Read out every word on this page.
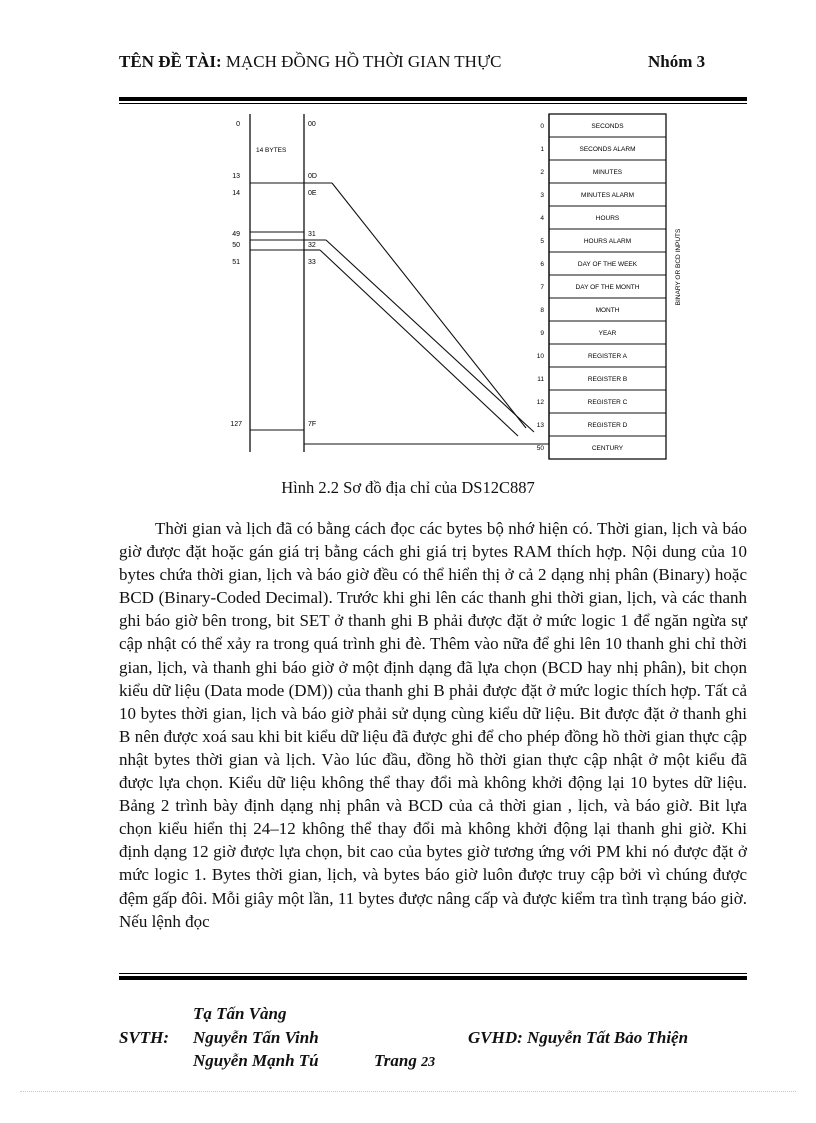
TÊN ĐỀ TÀI: MẠCH ĐỒNG HỒ THỜI GIAN THỰC	Nhóm 3
SECONDS
0
SECONDS ALARM
1
MINUTES
2
MINUTES ALARM
3
HOURS
4
HOURS ALARM
5
DAY OF THE WEEK
6
DAY OF THE MONTH
7
MONTH
8
YEAR
9
REGISTER A
10
REGISTER B
11
REGISTER C
12
REGISTER D
13
CENTURY
50
0
13
14
49
50
51
127
14 BYTES
00
0D
0E
31
32
33
7F
BINARY OR BCD INPUTS
Hình 2.2 Sơ đồ địa chỉ của DS12C887

Thời gian và lịch đã có bằng cách đọc các bytes bộ nhớ hiện có. Thời gian, lịch và báo giờ được đặt hoặc gán giá trị bằng cách ghi giá trị bytes RAM thích hợp. Nội dung của 10 bytes chứa thời gian, lịch và báo giờ đều có thể hiển thị ở cả 2 dạng nhị phân (Binary) hoặc BCD (Binary-Coded Decimal). Trước khi ghi lên các thanh ghi thời gian, lịch, và các thanh ghi báo giờ bên trong, bit SET ở thanh ghi B phải được đặt ở mức logic 1 để ngăn ngừa sự cập nhật có thể xảy ra trong quá trình ghi đè. Thêm vào nữa để ghi lên 10 thanh ghi chỉ thời gian, lịch, và thanh ghi báo giờ ở một định dạng đã lựa chọn (BCD hay nhị phân), bit chọn kiểu dữ liệu (Data mode (DM)) của thanh ghi B phải được đặt ở mức logic thích hợp. Tất cả 10 bytes thời gian, lịch và báo giờ phải sử dụng cùng kiểu dữ liệu. Bit được đặt ở thanh ghi B nên được xoá sau khi bit kiểu dữ liệu đã được ghi để cho phép đồng hồ thời gian thực cập nhật bytes thời gian và lịch. Vào lúc đầu, đồng hồ thời gian thực cập nhật ở một kiểu đã được lựa chọn. Kiểu dữ liệu không thể thay đổi mà không khởi động lại 10 bytes dữ liệu. Bảng 2 trình bày định dạng nhị phân và BCD của cả thời gian , lịch, và báo giờ. Bit lựa chọn kiểu hiển thị 24–12 không thể thay đổi mà không khởi động lại thanh ghi giờ. Khi định dạng 12 giờ được lựa chọn, bit cao của bytes giờ tương ứng với PM khi nó được đặt ở mức logic 1. Bytes thời gian, lịch, và bytes báo giờ luôn được truy cập bởi vì chúng được đệm gấp đôi. Mỗi giây một lần, 11 bytes được nâng cấp và được kiểm tra tình trạng báo giờ. Nếu lệnh đọc

SVTH:
Tạ Tấn Vàng
Nguyễn Tấn Vinh
Nguyễn Mạnh Tú
GVHD: Nguyễn Tất Bảo Thiện
Trang 23
